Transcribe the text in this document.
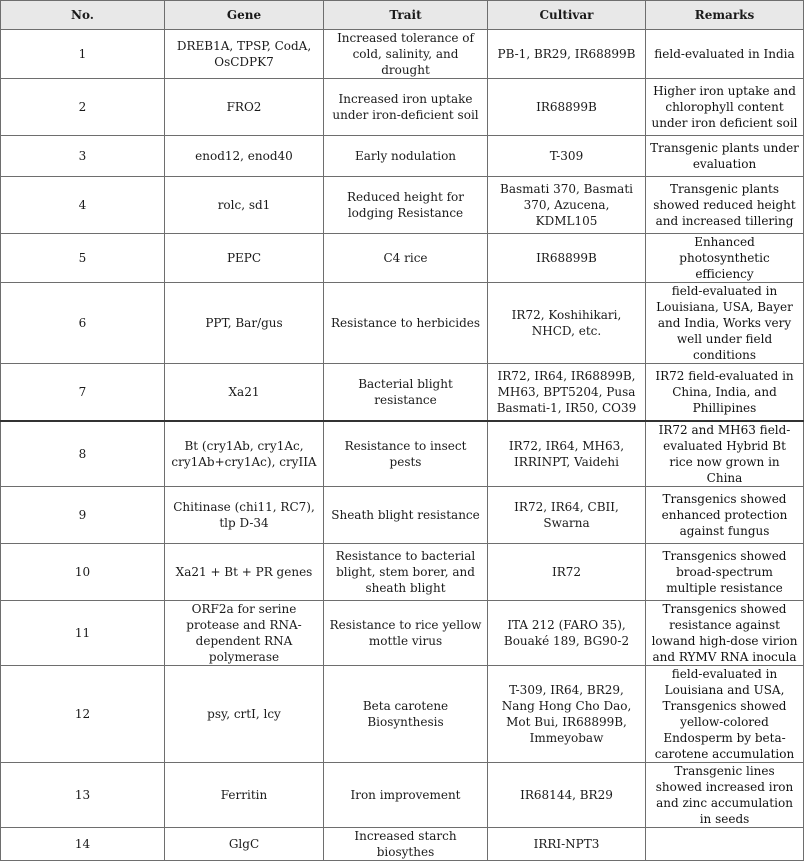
No.	Gene	Trait	Cultivar	Remarks
1	DREB1A, TPSP, CodA, OsCDPK7	Increased tolerance of cold, salinity, and drought	PB-1, BR29, IR68899B	field-evaluated in India
2	FRO2	Increased iron uptake under iron-deficient soil	IR68899B	Higher iron uptake and chlorophyll content under iron deficient soil
3	enod12, enod40	Early nodulation	T-309	Transgenic plants under evaluation
4	rolc, sd1	Reduced height for lodging Resistance	Basmati 370, Basmati 370, Azucena, KDML105	Transgenic plants showed reduced height and increased tillering
5	PEPC	C4 rice	IR68899B	Enhanced photosynthetic efficiency
6	PPT, Bar/gus	Resistance to herbicides	IR72, Koshihikari, NHCD, etc.	field-evaluated in Louisiana, USA, Bayer and India, Works very well under field conditions
7	Xa21	Bacterial blight resistance	IR72, IR64, IR68899B, MH63, BPT5204, Pusa Basmati-1, IR50, CO39	IR72 field-evaluated in China, India, and Phillipines
8	Bt (cry1Ab, cry1Ac, cry1Ab+cry1Ac), cryIIA	Resistance to insect pests	IR72, IR64, MH63, IRRINPT, Vaidehi	IR72 and MH63 field-evaluated Hybrid Bt rice now grown in China
9	Chitinase (chi11, RC7), tlp D-34	Sheath blight resistance	IR72, IR64, CBII, Swarna	Transgenics showed enhanced protection against fungus
10	Xa21 + Bt + PR genes	Resistance to bacterial blight, stem borer, and sheath blight	IR72	Transgenics showed broad-spectrum multiple resistance
11	ORF2a for serine protease and RNA-dependent RNA polymerase	Resistance to rice yellow mottle virus	ITA 212 (FARO 35), Bouaké 189, BG90-2	Transgenics showed resistance against lowand high-dose virion and RYMV RNA inocula
12	psy, crtI, lcy	Beta carotene Biosynthesis	T-309, IR64, BR29, Nang Hong Cho Dao, Mot Bui, IR68899B, Immeyobaw	field-evaluated in Louisiana and USA, Transgenics showed yellow-colored Endosperm by beta-carotene accumulation
13	Ferritin	Iron improvement	IR68144, BR29	Transgenic lines showed increased iron and zinc accumulation in seeds
14	GlgC	Increased starch biosythes	IRRI-NPT3	
